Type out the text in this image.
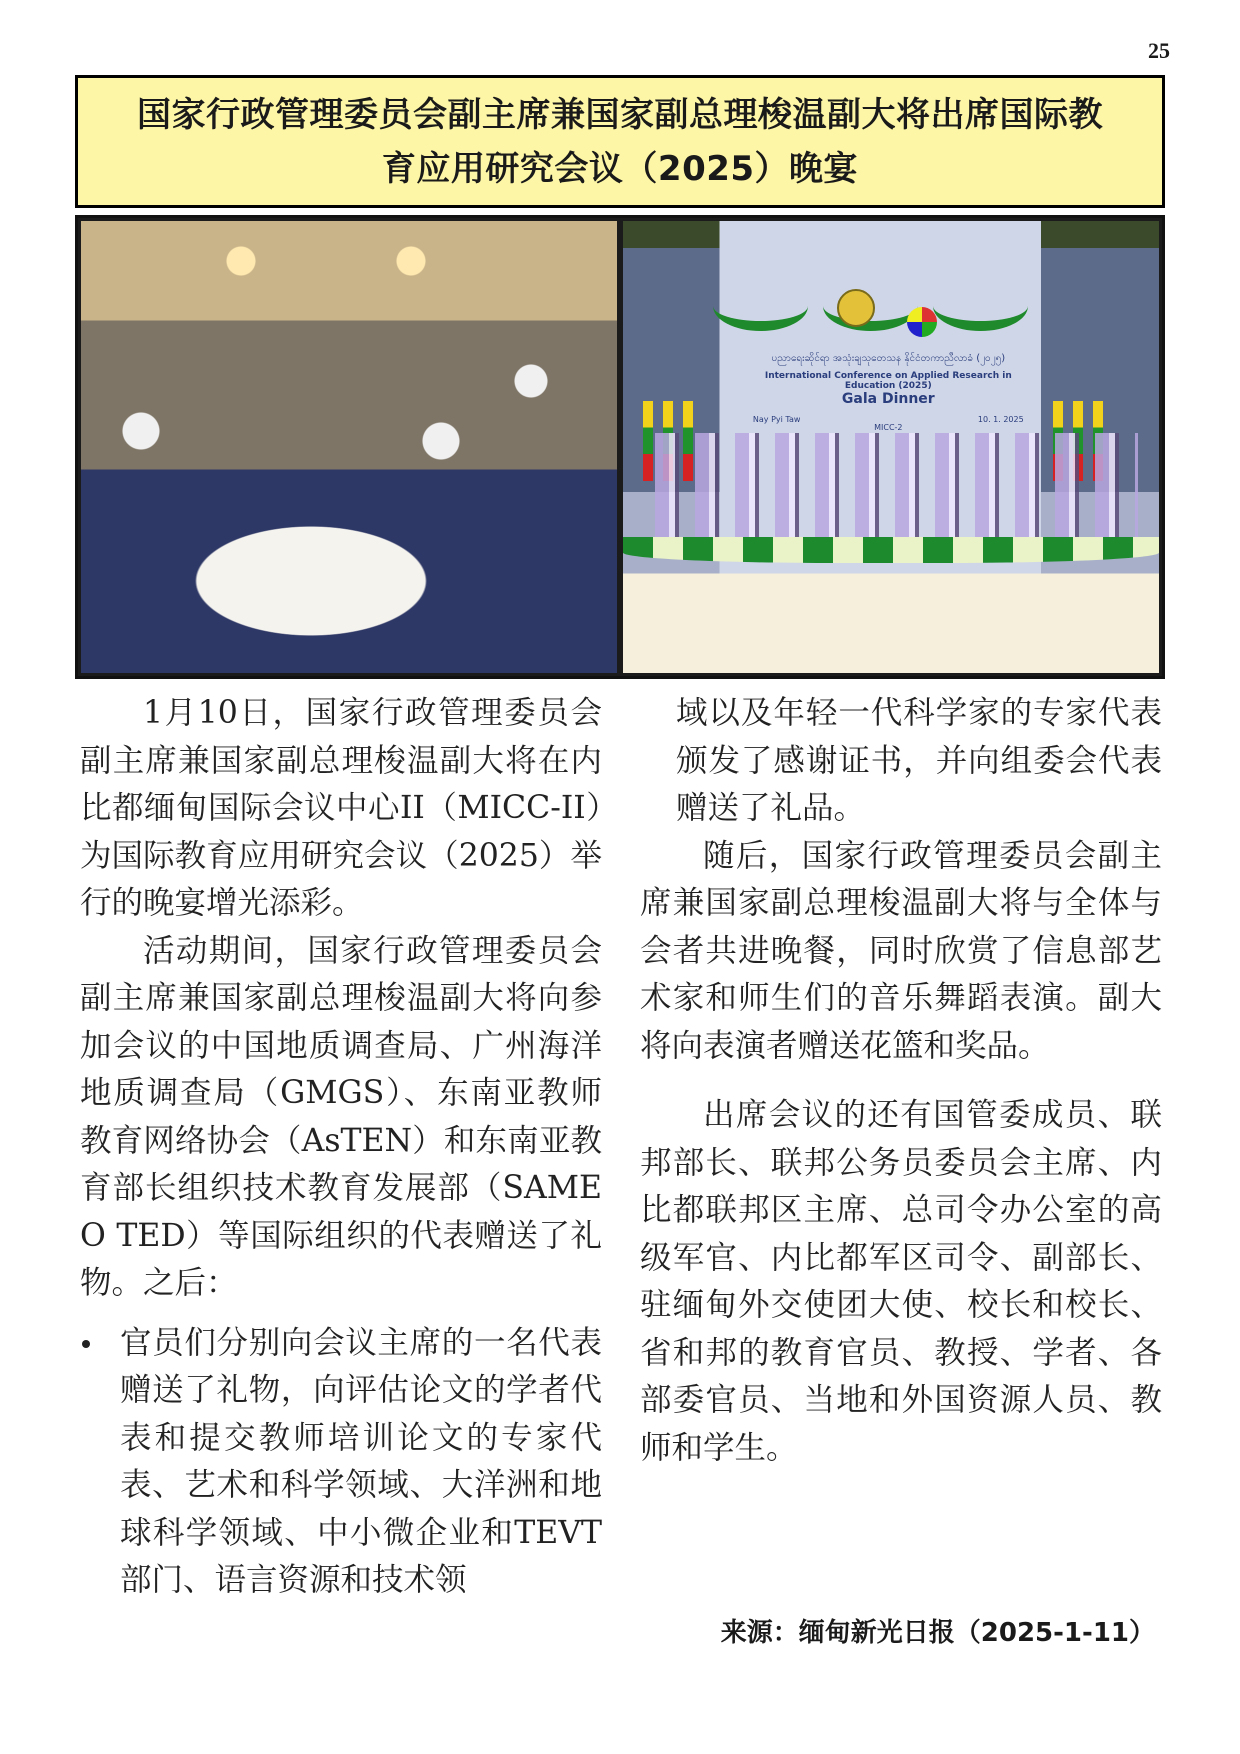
25
国家行政管理委员会副主席兼国家副总理梭温副大将出席国际教
育应用研究会议（2025）晚宴
ပညာရေးဆိုင်ရာ အသုံးချသုတေသန နိုင်ငံတကာညီလာခံ (၂၀၂၅)
International Conference on Applied Research in Education (2025)
Gala Dinner
Nay Pyi Taw
MICC-2
10. 1. 2025

1月10日，国家行政管理委员会副主席兼国家副总理梭温副大将在内比都缅甸国际会议中心II（MICC-II）为国际教育应用研究会议（2025）举行的晚宴增光添彩。

活动期间，国家行政管理委员会副主席兼国家副总理梭温副大将向参加会议的中国地质调查局、广州海洋地质调查局（GMGS）、东南亚教师教育网络协会（AsTEN）和东南亚教育部长组织技术教育发展部（SAMEO TED）等国际组织的代表赠送了礼物。之后：

官员们分别向会议主席的一名代表赠送了礼物，向评估论文的学者代表和提交教师培训论文的专家代表、艺术和科学领域、大洋洲和地球科学领域、中小微企业和TEVT部门、语言资源和技术领

域以及年轻一代科学家的专家代表颁发了感谢证书，并向组委会代表赠送了礼品。

随后，国家行政管理委员会副主席兼国家副总理梭温副大将与全体与会者共进晚餐，同时欣赏了信息部艺术家和师生们的音乐舞蹈表演。副大将向表演者赠送花篮和奖品。

出席会议的还有国管委成员、联邦部长、联邦公务员委员会主席、内比都联邦区主席、总司令办公室的高级军官、内比都军区司令、副部长、驻缅甸外交使团大使、校长和校长、省和邦的教育官员、教授、学者、各部委官员、当地和外国资源人员、教师和学生。

来源：缅甸新光日报（2025-1-11）
